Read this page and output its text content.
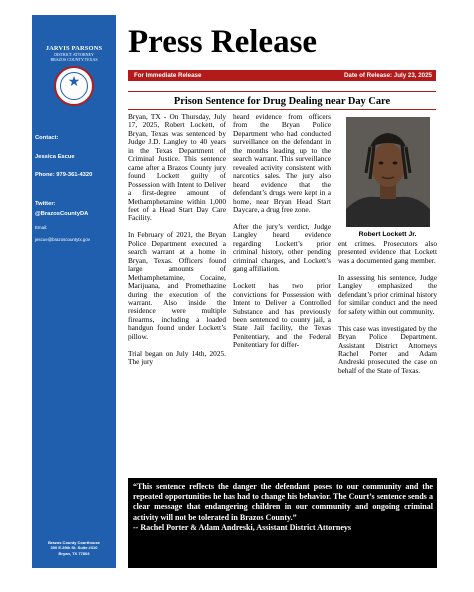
JARVIS PARSONS
DISTRICT ATTORNEY
BRAZOS COUNTY TEXAS
★
Contact:
Jessica Escue
Phone: 979-361-4320
Twitter:
@BrazosCountyDA
Email:
jescue@brazoscountytx.gov
Brazos County Courthouse
300 E.29th St. Suite #310
Bryan, TX 77803
Press Release
For Immediate Release	Date of Release: July 23, 2025
Prison Sentence for Drug Dealing near Day Care

Bryan, TX - On Thursday, July 17, 2025, Robert Lockett, of Bryan, Texas was sentenced by Judge J.D. Langley to 40 years in the Texas Department of Criminal Justice. This sentence came after a Brazos County jury found Lockett guilty of Possession with Intent to Deliver a first-degree amount of Methamphetamine within 1,000 feet of a Head Start Day Care Facility.

In February of 2021, the Bryan Police Department executed a search warrant at a home in Bryan, Texas. Officers found large amounts of Methamphetamine, Cocaine, Marijuana, and Promethazine during the execution of the warrant. Also inside the residence were multiple firearms, including a loaded handgun found under Lockett’s pillow.

Trial began on July 14th, 2025. The jury

heard evidence from officers from the Bryan Police Department who had conducted surveillance on the defendant in the months leading up to the search warrant. This surveillance revealed activity consistent with narcotics sales. The jury also heard evidence that the defendant’s drugs were kept in a home, near Bryan Head Start Daycare, a drug free zone.

After the jury’s verdict, Judge Langley heard evidence regarding Lockett’s prior criminal history, other pending criminal charges, and Lockett’s gang affiliation.

Lockett has two prior convictions for Possession with Intent to Deliver a Controlled Substance and has previously been sentenced to county jail, a State Jail facility, the Texas Penitentiary, and the Federal Penitentiary for differ-

Robert Lockett Jr.

ent crimes. Prosecutors also presented evidence that Lockett was a documented gang member.

In assessing his sentence, Judge Langley emphasized the defendant’s prior criminal history for similar conduct and the need for safety within out community.

This case was investigated by the Bryan Police Department. Assistant District Attorneys Rachel Porter and Adam Andreski prosecuted the case on behalf of the State of Texas.

“This sentence reflects the danger the defendant poses to our community and the repeated opportunities he has had to change his behavior. The Court’s sentence sends a clear message that endangering children in our community and ongoing criminal activity will not be tolerated in Brazos County.”
-- Rachel Porter & Adam Andreski, Assistant District Attorneys
